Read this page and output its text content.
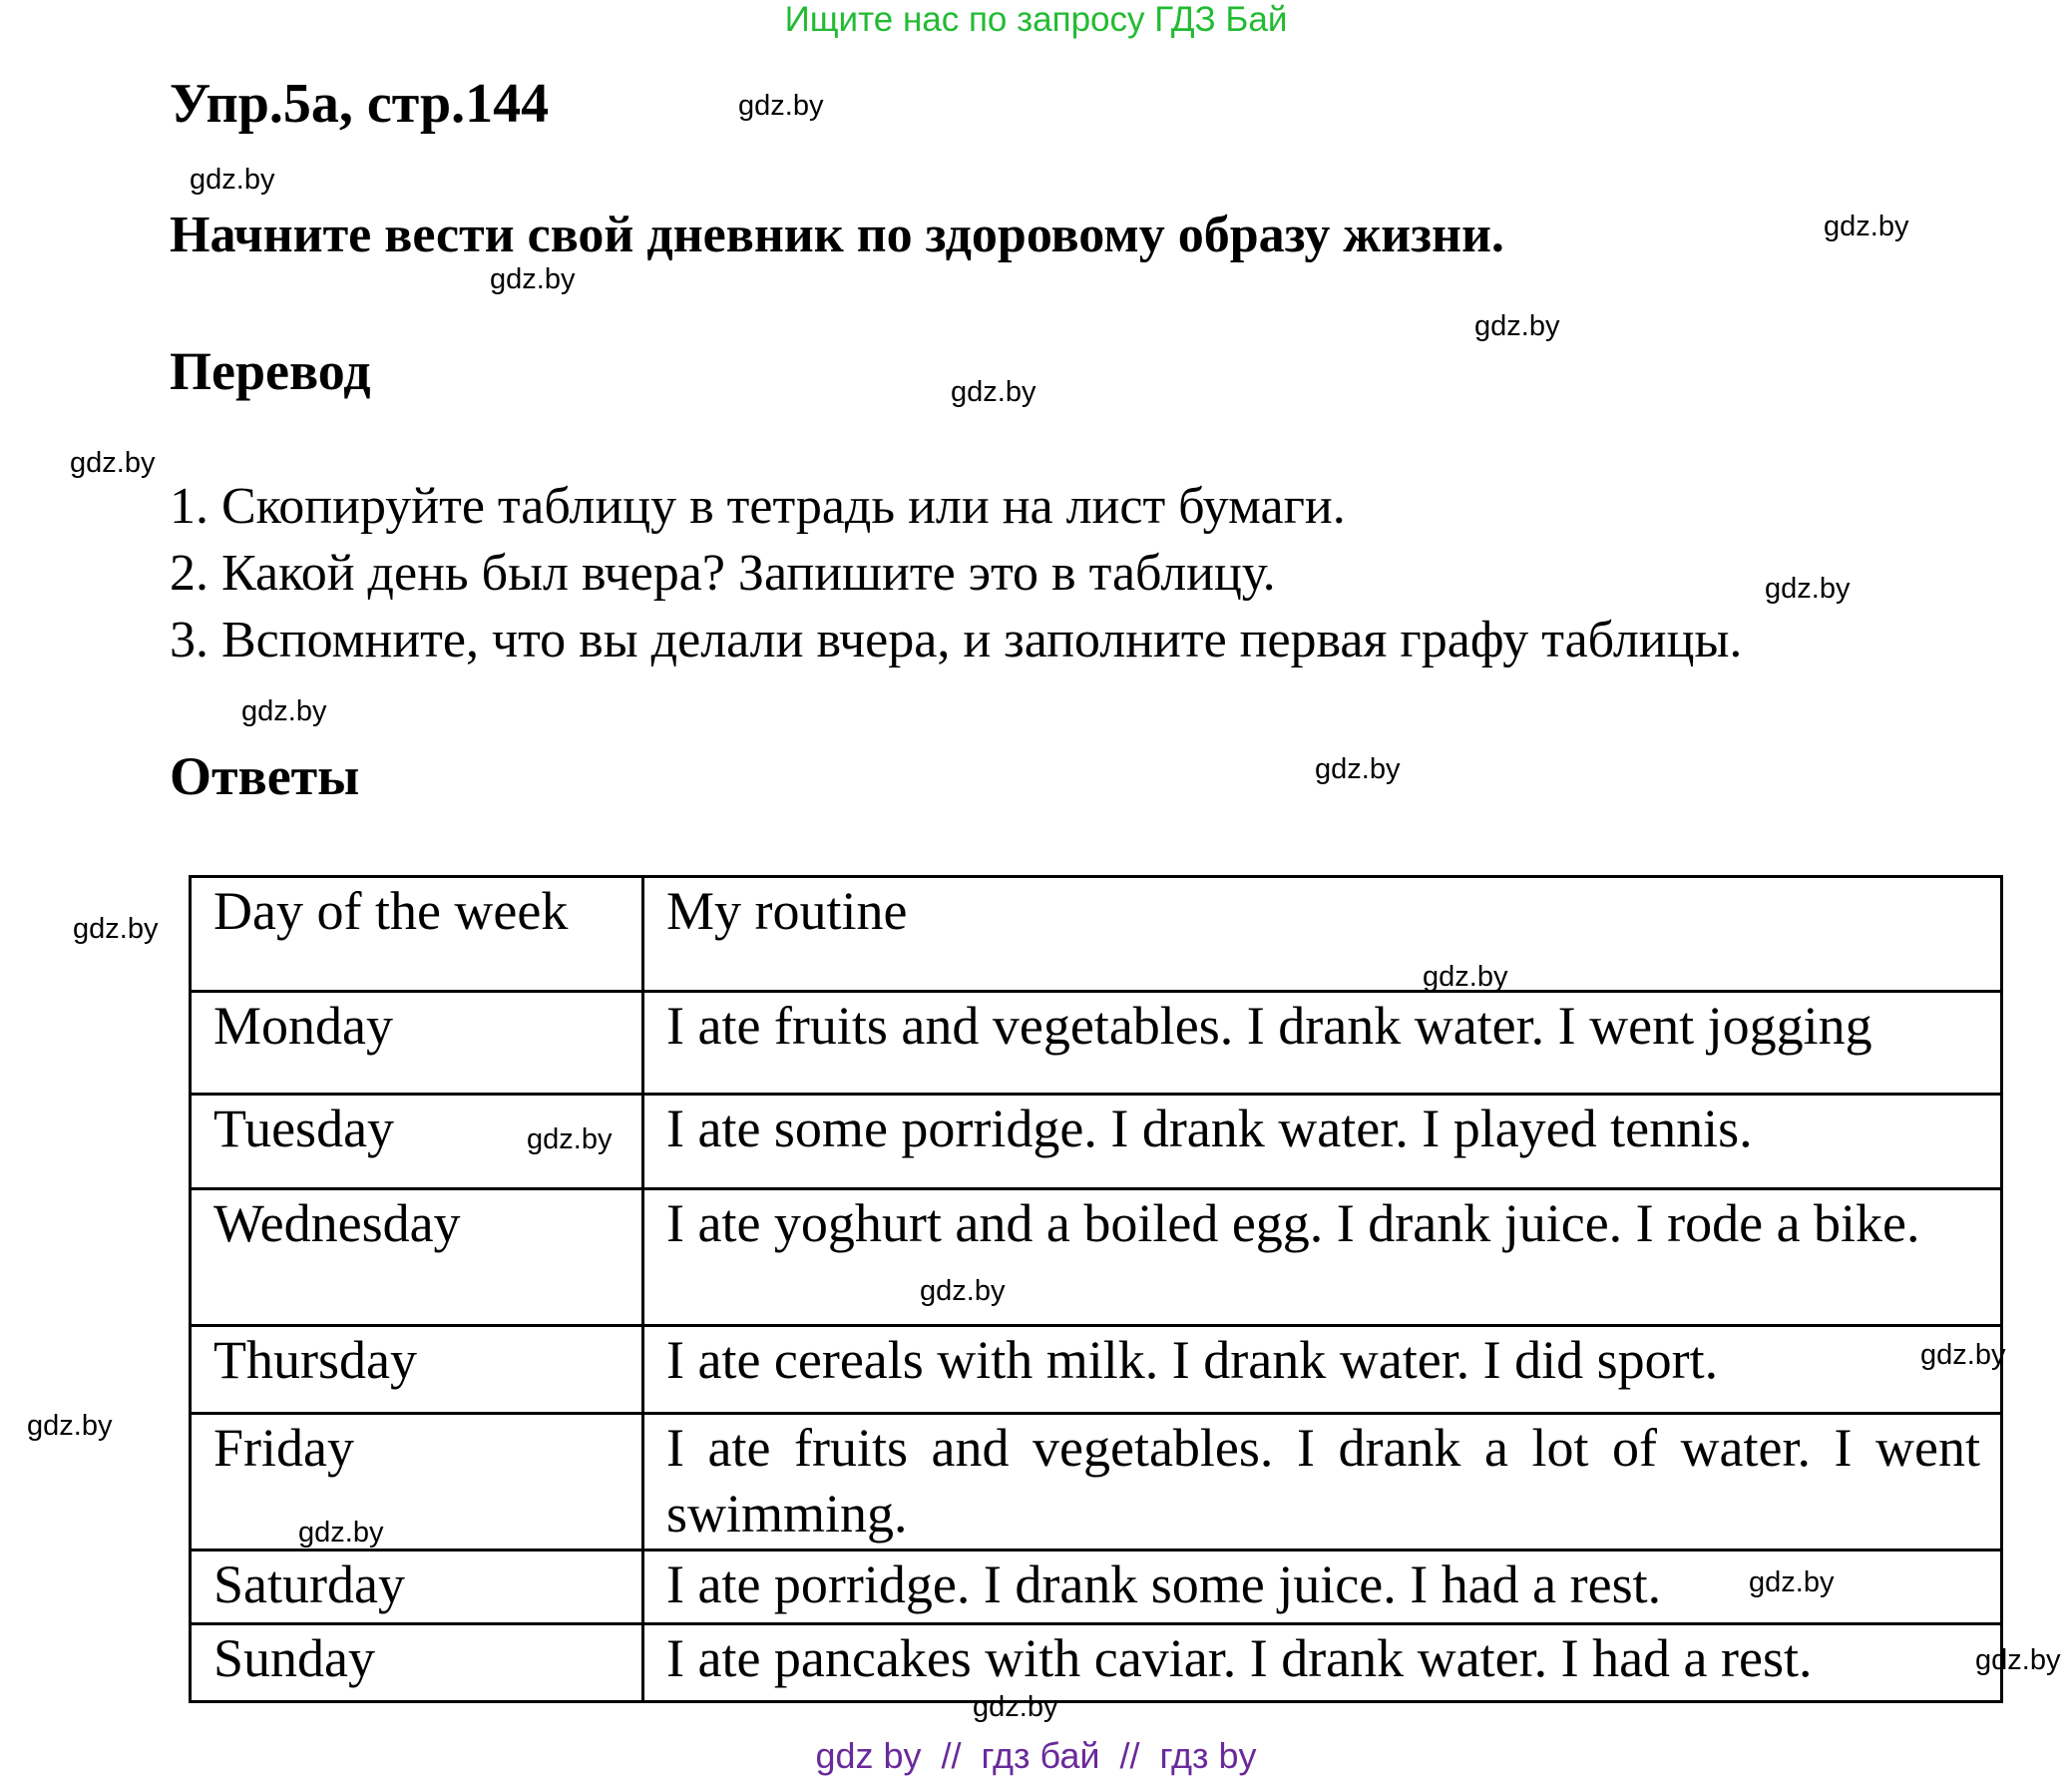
Ищите нас по запросу ГДЗ Бай
Упр.5а, стр.144
Начните вести свой дневник по здоровому образу жизни.
Перевод
1. Скопируйте таблицу в тетрадь или на лист бумаги.
2. Какой день был вчера? Запишите это в таблицу.
3. Вспомните, что вы делали вчера, и заполните первая графу таблицы.
Ответы
Day of the week	My routine
Monday	I ate fruits and vegetables. I drank water. I went jogging
Tuesday	I ate some porridge. I drank water. I played tennis.
Wednesday	I ate yoghurt and a boiled egg. I drank juice. I rode a bike.
Thursday	I ate cereals with milk. I drank water. I did sport.
Friday	I ate fruits and vegetables. I drank a lot of water. I went swimming.
Saturday	I ate porridge. I drank some juice. I had a rest.
Sunday	I ate pancakes with caviar. I drank water. I had a rest.
gdz.by
gdz.by
gdz.by
gdz.by
gdz.by
gdz.by
gdz.by
gdz.by
gdz.by
gdz.by
gdz.by
gdz.by
gdz.by
gdz.by
gdz.by
gdz.by
gdz.by
gdz.by
gdz.by
gdz.by
gdz by  //  гдз бай  //  гдз by
